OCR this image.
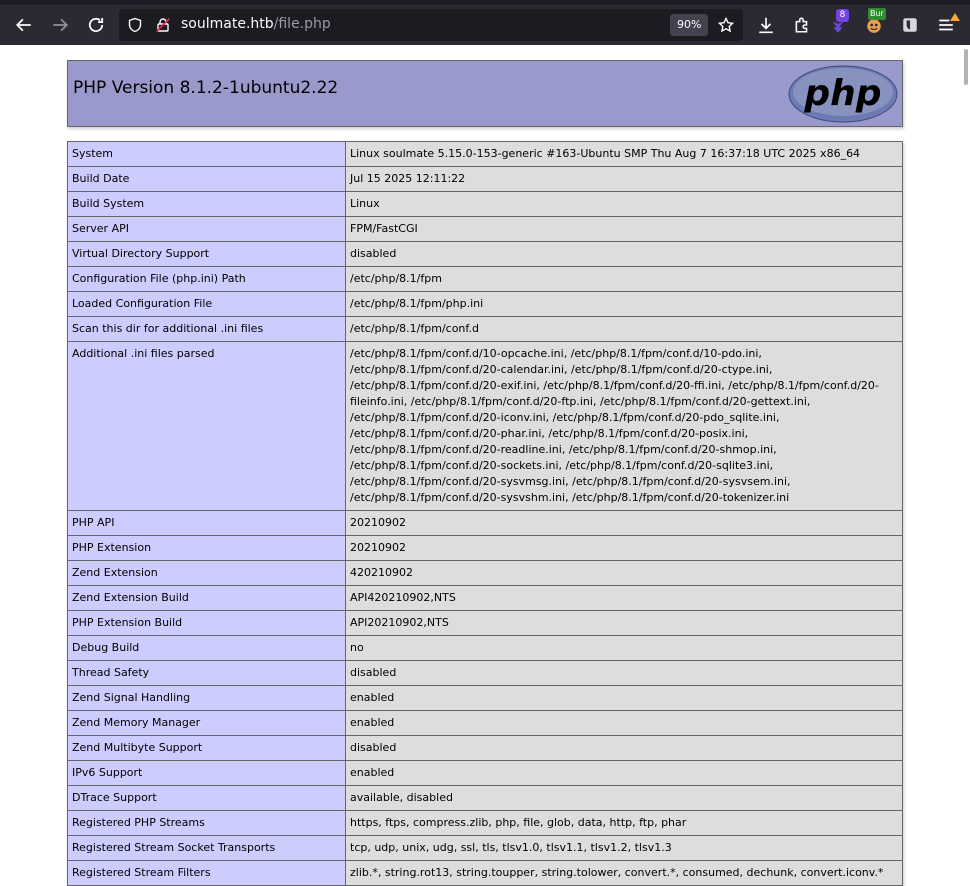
soulmate.htb/file.php	90%
8	Bur
PHP Version 8.1.2-1ubuntu2.22	php
System	Linux soulmate 5.15.0-153-generic #163-Ubuntu SMP Thu Aug 7 16:37:18 UTC 2025 x86_64
Build Date	Jul 15 2025 12:11:22
Build System	Linux
Server API	FPM/FastCGI
Virtual Directory Support	disabled
Configuration File (php.ini) Path	/etc/php/8.1/fpm
Loaded Configuration File	/etc/php/8.1/fpm/php.ini
Scan this dir for additional .ini files	/etc/php/8.1/fpm/conf.d
Additional .ini files parsed	/etc/php/8.1/fpm/conf.d/10-opcache.ini, /etc/php/8.1/fpm/conf.d/10-pdo.ini, /etc/php/8.1/fpm/conf.d/20-calendar.ini, /etc/php/8.1/fpm/conf.d/20-ctype.ini, /etc/php/8.1/fpm/conf.d/20-exif.ini, /etc/php/8.1/fpm/conf.d/20-ffi.ini, /etc/php/8.1/fpm/conf.d/20-fileinfo.ini, /etc/php/8.1/fpm/conf.d/20-ftp.ini, /etc/php/8.1/fpm/conf.d/20-gettext.ini, /etc/php/8.1/fpm/conf.d/20-iconv.ini, /etc/php/8.1/fpm/conf.d/20-pdo_sqlite.ini, /etc/php/8.1/fpm/conf.d/20-phar.ini, /etc/php/8.1/fpm/conf.d/20-posix.ini, /etc/php/8.1/fpm/conf.d/20-readline.ini, /etc/php/8.1/fpm/conf.d/20-shmop.ini, /etc/php/8.1/fpm/conf.d/20-sockets.ini, /etc/php/8.1/fpm/conf.d/20-sqlite3.ini, /etc/php/8.1/fpm/conf.d/20-sysvmsg.ini, /etc/php/8.1/fpm/conf.d/20-sysvsem.ini, /etc/php/8.1/fpm/conf.d/20-sysvshm.ini, /etc/php/8.1/fpm/conf.d/20-tokenizer.ini
PHP API	20210902
PHP Extension	20210902
Zend Extension	420210902
Zend Extension Build	API420210902,NTS
PHP Extension Build	API20210902,NTS
Debug Build	no
Thread Safety	disabled
Zend Signal Handling	enabled
Zend Memory Manager	enabled
Zend Multibyte Support	disabled
IPv6 Support	enabled
DTrace Support	available, disabled
Registered PHP Streams	https, ftps, compress.zlib, php, file, glob, data, http, ftp, phar
Registered Stream Socket Transports	tcp, udp, unix, udg, ssl, tls, tlsv1.0, tlsv1.1, tlsv1.2, tlsv1.3
Registered Stream Filters	zlib.*, string.rot13, string.toupper, string.tolower, convert.*, consumed, dechunk, convert.iconv.*
